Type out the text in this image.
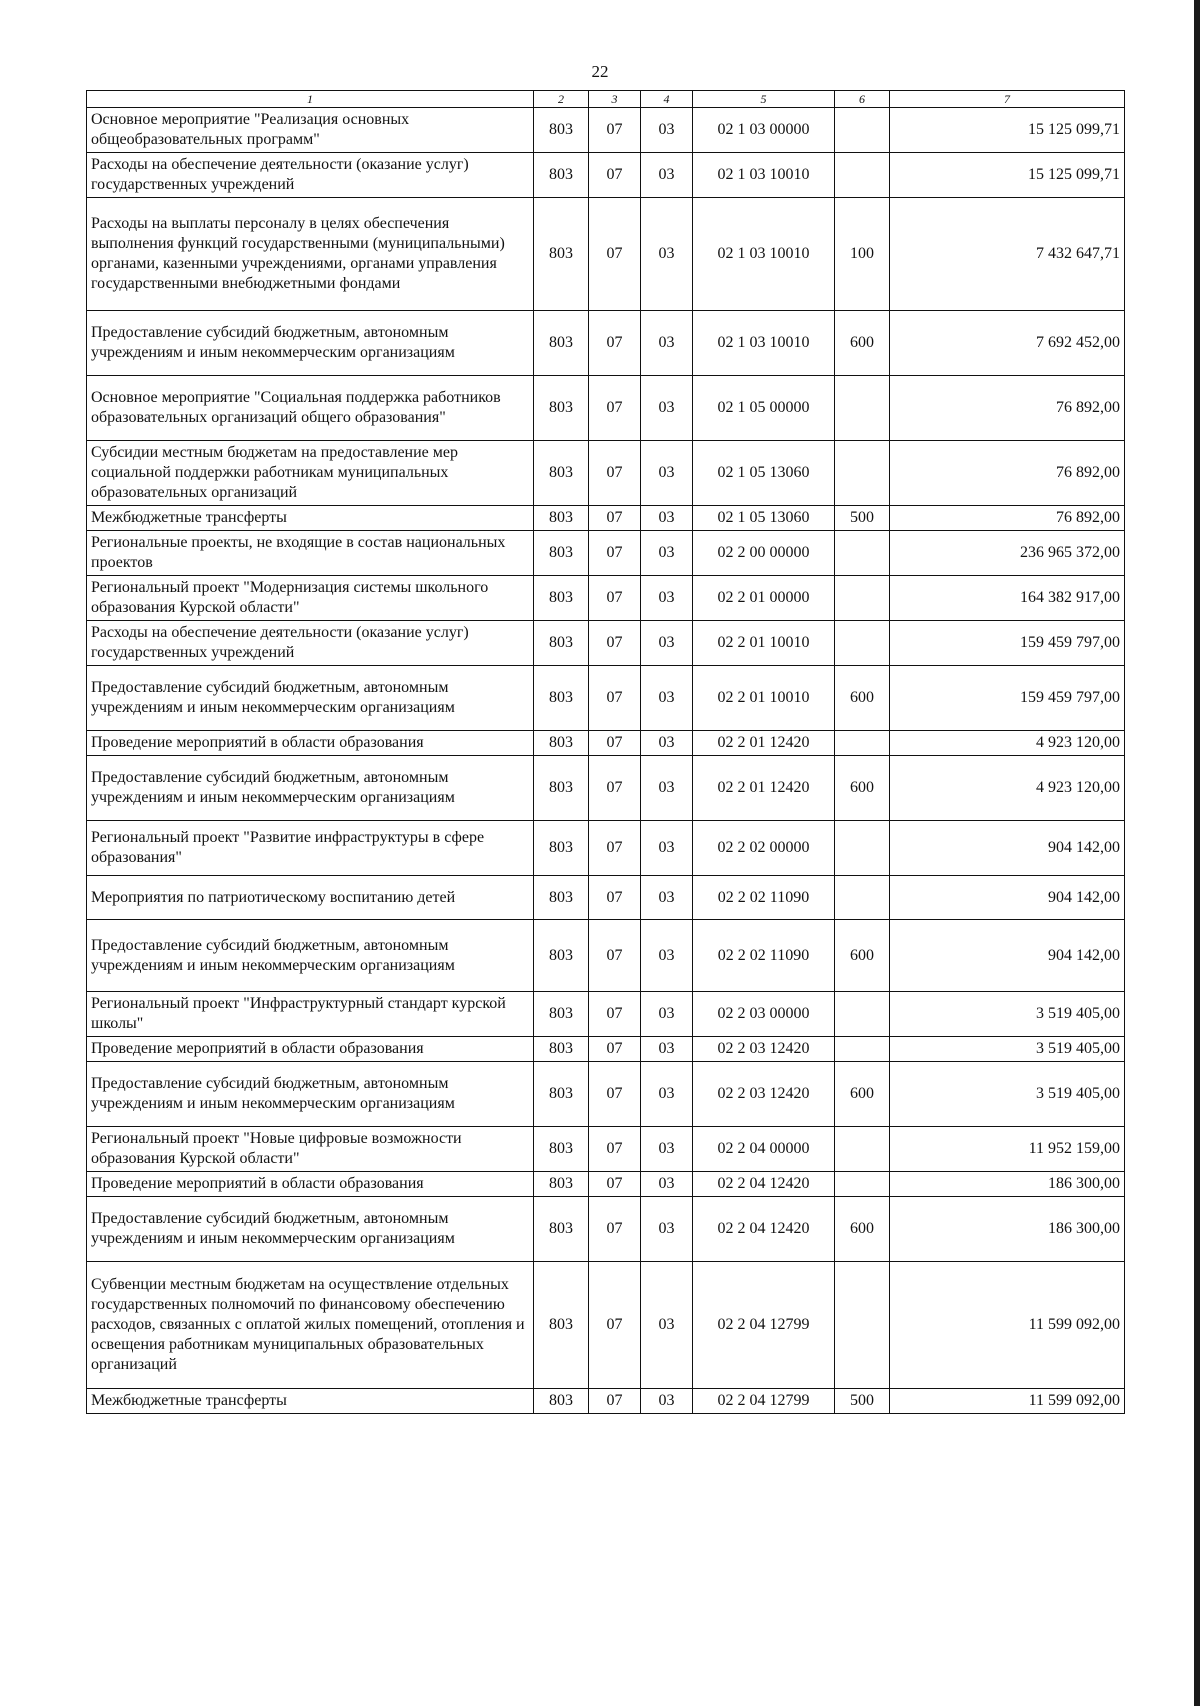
22
1	2	3	4	5	6	7
Основное мероприятие "Реализация основных общеобразовательных программ"	803	07	03	02 1 03 00000		15 125 099,71
Расходы на обеспечение деятельности (оказание услуг) государственных учреждений	803	07	03	02 1 03 10010		15 125 099,71
Расходы на выплаты персоналу в целях обеспечения выполнения функций государственными (муниципальными) органами, казенными учреждениями, органами управления государственными внебюджетными фондами	803	07	03	02 1 03 10010	100	7 432 647,71
Предоставление субсидий бюджетным, автономным учреждениям и иным некоммерческим организациям	803	07	03	02 1 03 10010	600	7 692 452,00
Основное мероприятие "Социальная поддержка работников образовательных организаций общего образования"	803	07	03	02 1 05 00000		76 892,00
Субсидии местным бюджетам на предоставление мер социальной поддержки работникам муниципальных образовательных организаций	803	07	03	02 1 05 13060		76 892,00
Межбюджетные трансферты	803	07	03	02 1 05 13060	500	76 892,00
Региональные проекты, не входящие в состав национальных проектов	803	07	03	02 2 00 00000		236 965 372,00
Региональный проект "Модернизация системы школьного образования Курской области"	803	07	03	02 2 01 00000		164 382 917,00
Расходы на обеспечение деятельности (оказание услуг) государственных учреждений	803	07	03	02 2 01 10010		159 459 797,00
Предоставление субсидий бюджетным, автономным учреждениям и иным некоммерческим организациям	803	07	03	02 2 01 10010	600	159 459 797,00
Проведение мероприятий в области образования	803	07	03	02 2 01 12420		4 923 120,00
Предоставление субсидий бюджетным, автономным учреждениям и иным некоммерческим организациям	803	07	03	02 2 01 12420	600	4 923 120,00
Региональный проект "Развитие инфраструктуры в сфере образования"	803	07	03	02 2 02 00000		904 142,00
Мероприятия по патриотическому воспитанию детей	803	07	03	02 2 02 11090		904 142,00
Предоставление субсидий бюджетным, автономным учреждениям и иным некоммерческим организациям	803	07	03	02 2 02 11090	600	904 142,00
Региональный проект "Инфраструктурный стандарт курской школы"	803	07	03	02 2 03 00000		3 519 405,00
Проведение мероприятий в области образования	803	07	03	02 2 03 12420		3 519 405,00
Предоставление субсидий бюджетным, автономным учреждениям и иным некоммерческим организациям	803	07	03	02 2 03 12420	600	3 519 405,00
Региональный проект "Новые цифровые возможности образования Курской области"	803	07	03	02 2 04 00000		11 952 159,00
Проведение мероприятий в области образования	803	07	03	02 2 04 12420		186 300,00
Предоставление субсидий бюджетным, автономным учреждениям и иным некоммерческим организациям	803	07	03	02 2 04 12420	600	186 300,00
Субвенции местным бюджетам на осуществление отдельных государственных полномочий по финансовому обеспечению расходов, связанных с оплатой жилых помещений, отопления и освещения работникам муниципальных образовательных организаций	803	07	03	02 2 04 12799		11 599 092,00
Межбюджетные трансферты	803	07	03	02 2 04 12799	500	11 599 092,00
